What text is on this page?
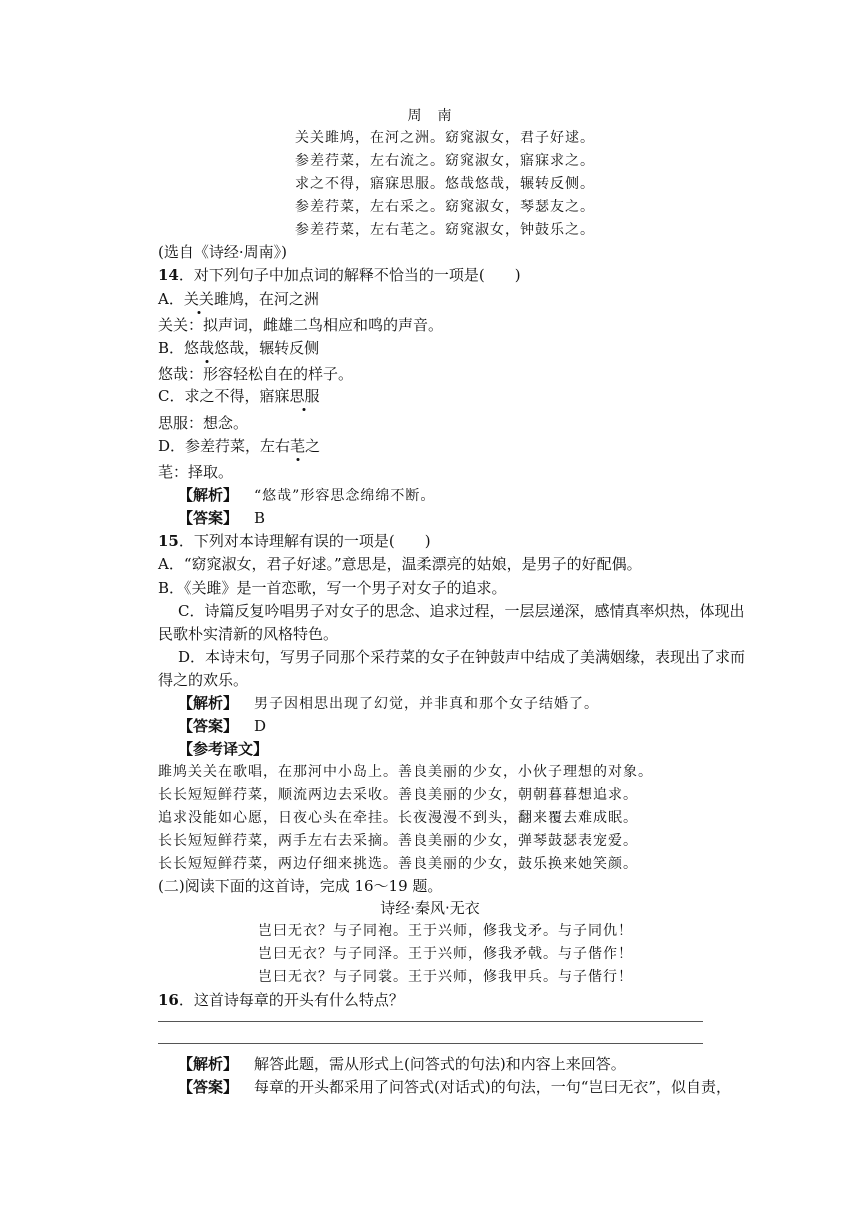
周　南
关关雎鸠，在河之洲。窈窕淑女，君子好逑。
参差荇菜，左右流之。窈窕淑女，寤寐求之。
求之不得，寤寐思服。悠哉悠哉，辗转反侧。
参差荇菜，左右采之。窈窕淑女，琴瑟友之。
参差荇菜，左右芼之。窈窕淑女，钟鼓乐之。
(选自《诗经·周南》)
14．对下列句子中加点词的解释不恰当的一项是(　　)
A．关关雎鸠，在河之洲
关关：拟声词，雌雄二鸟相应和鸣的声音。
B．悠哉悠哉，辗转反侧
悠哉：形容轻松自在的样子。
C．求之不得，寤寐思服
思服：想念。
D．参差荇菜，左右芼之
芼：择取。
【解析】 “悠哉”形容思念绵绵不断。
【答案】 B
15．下列对本诗理解有误的一项是(　　)
A．“窈窕淑女，君子好逑。”意思是，温柔漂亮的姑娘，是男子的好配偶。
B．《关雎》是一首恋歌，写一个男子对女子的追求。
C．诗篇反复吟唱男子对女子的思念、追求过程，一层层递深，感情真率炽热，体现出
民歌朴实清新的风格特色。
D．本诗末句，写男子同那个采荇菜的女子在钟鼓声中结成了美满姻缘，表现出了求而
得之的欢乐。
【解析】 男子因相思出现了幻觉，并非真和那个女子结婚了。
【答案】 D
【参考译文】
雎鸠关关在歌唱，在那河中小岛上。善良美丽的少女，小伙子理想的对象。
长长短短鲜荇菜，顺流两边去采收。善良美丽的少女，朝朝暮暮想追求。
追求没能如心愿，日夜心头在牵挂。长夜漫漫不到头，翻来覆去难成眠。
长长短短鲜荇菜，两手左右去采摘。善良美丽的少女，弹琴鼓瑟表宠爱。
长长短短鲜荇菜，两边仔细来挑选。善良美丽的少女，鼓乐换来她笑颜。
(二)阅读下面的这首诗，完成 16～19 题。
诗经·秦风·无衣
岂曰无衣？与子同袍。王于兴师，修我戈矛。与子同仇！
岂曰无衣？与子同泽。王于兴师，修我矛戟。与子偕作！
岂曰无衣？与子同裳。王于兴师，修我甲兵。与子偕行！
16．这首诗每章的开头有什么特点？
【解析】 解答此题，需从形式上(问答式的句法)和内容上来回答。
【答案】 每章的开头都采用了问答式(对话式)的句法，一句“岂曰无衣”，似自责，
